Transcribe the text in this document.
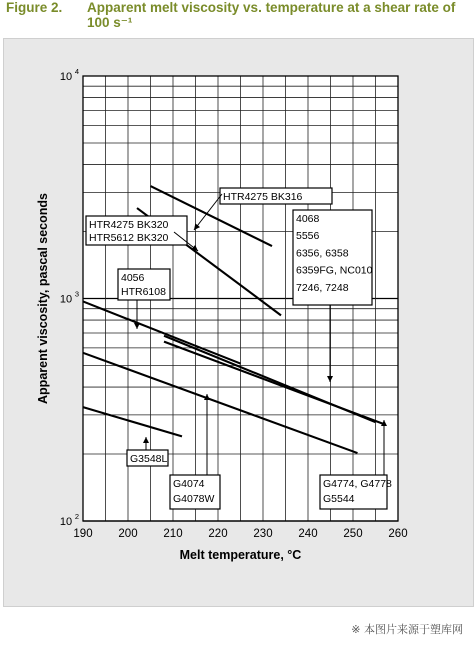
Figure 2. Apparent melt viscosity vs. temperature at a shear rate of 100 s⁻¹
190 200 210 220 230 240 250 260
10 2
10 3
10 4
Melt temperature, °C
Apparent viscosity, pascal seconds	HTR4275 BK316
HTR4275 BK320
HTR5612 BK320
4068
5556
6356, 6358
6359FG, NC010
7246, 7248
4056
HTR6108
G3548L
G4074
G4078W
G4774, G4778
G5544
※ 本图片来源于塑库网
